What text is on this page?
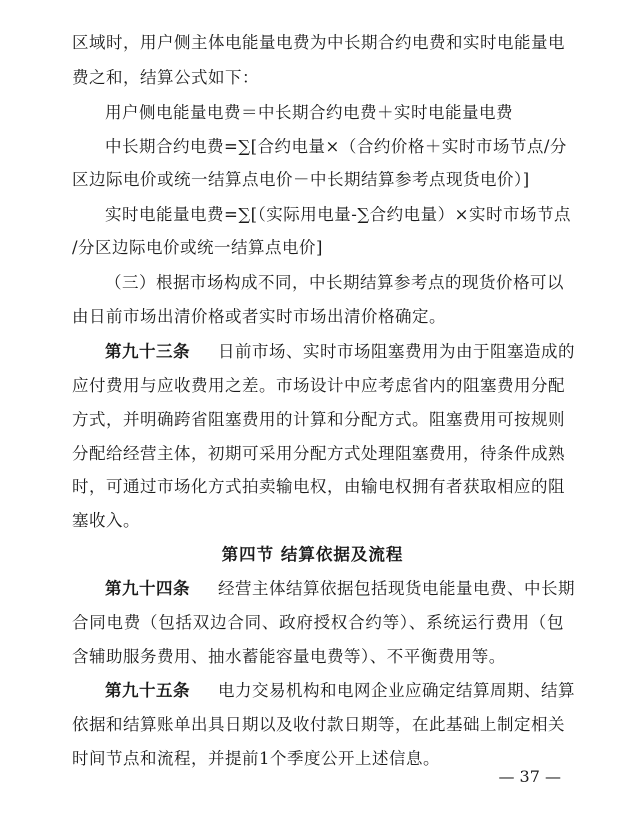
区域时，用户侧主体电能量电费为中长期合约电费和实时电能量电
费之和，结算公式如下：
用户侧电能量电费＝中长期合约电费＋实时电能量电费
中长期合约电费=∑[合约电量×（合约价格＋实时市场节点/分
区边际电价或统一结算点电价－中长期结算参考点现货电价）]
实时电能量电费=∑[（实际用电量-∑合约电量）×实时市场节点
/分区边际电价或统一结算点电价]
（三）根据市场构成不同，中长期结算参考点的现货价格可以
由日前市场出清价格或者实时市场出清价格确定。
第九十三条 日前市场、实时市场阻塞费用为由于阻塞造成的
应付费用与应收费用之差。市场设计中应考虑省内的阻塞费用分配
方式，并明确跨省阻塞费用的计算和分配方式。阻塞费用可按规则
分配给经营主体，初期可采用分配方式处理阻塞费用，待条件成熟
时，可通过市场化方式拍卖输电权，由输电权拥有者获取相应的阻
塞收入。
第四节 结算依据及流程
第九十四条 经营主体结算依据包括现货电能量电费、中长期
合同电费（包括双边合同、政府授权合约等）、系统运行费用（包
含辅助服务费用、抽水蓄能容量电费等）、不平衡费用等。
第九十五条 电力交易机构和电网企业应确定结算周期、结算
依据和结算账单出具日期以及收付款日期等，在此基础上制定相关
时间节点和流程，并提前1个季度公开上述信息。
— 37 —
